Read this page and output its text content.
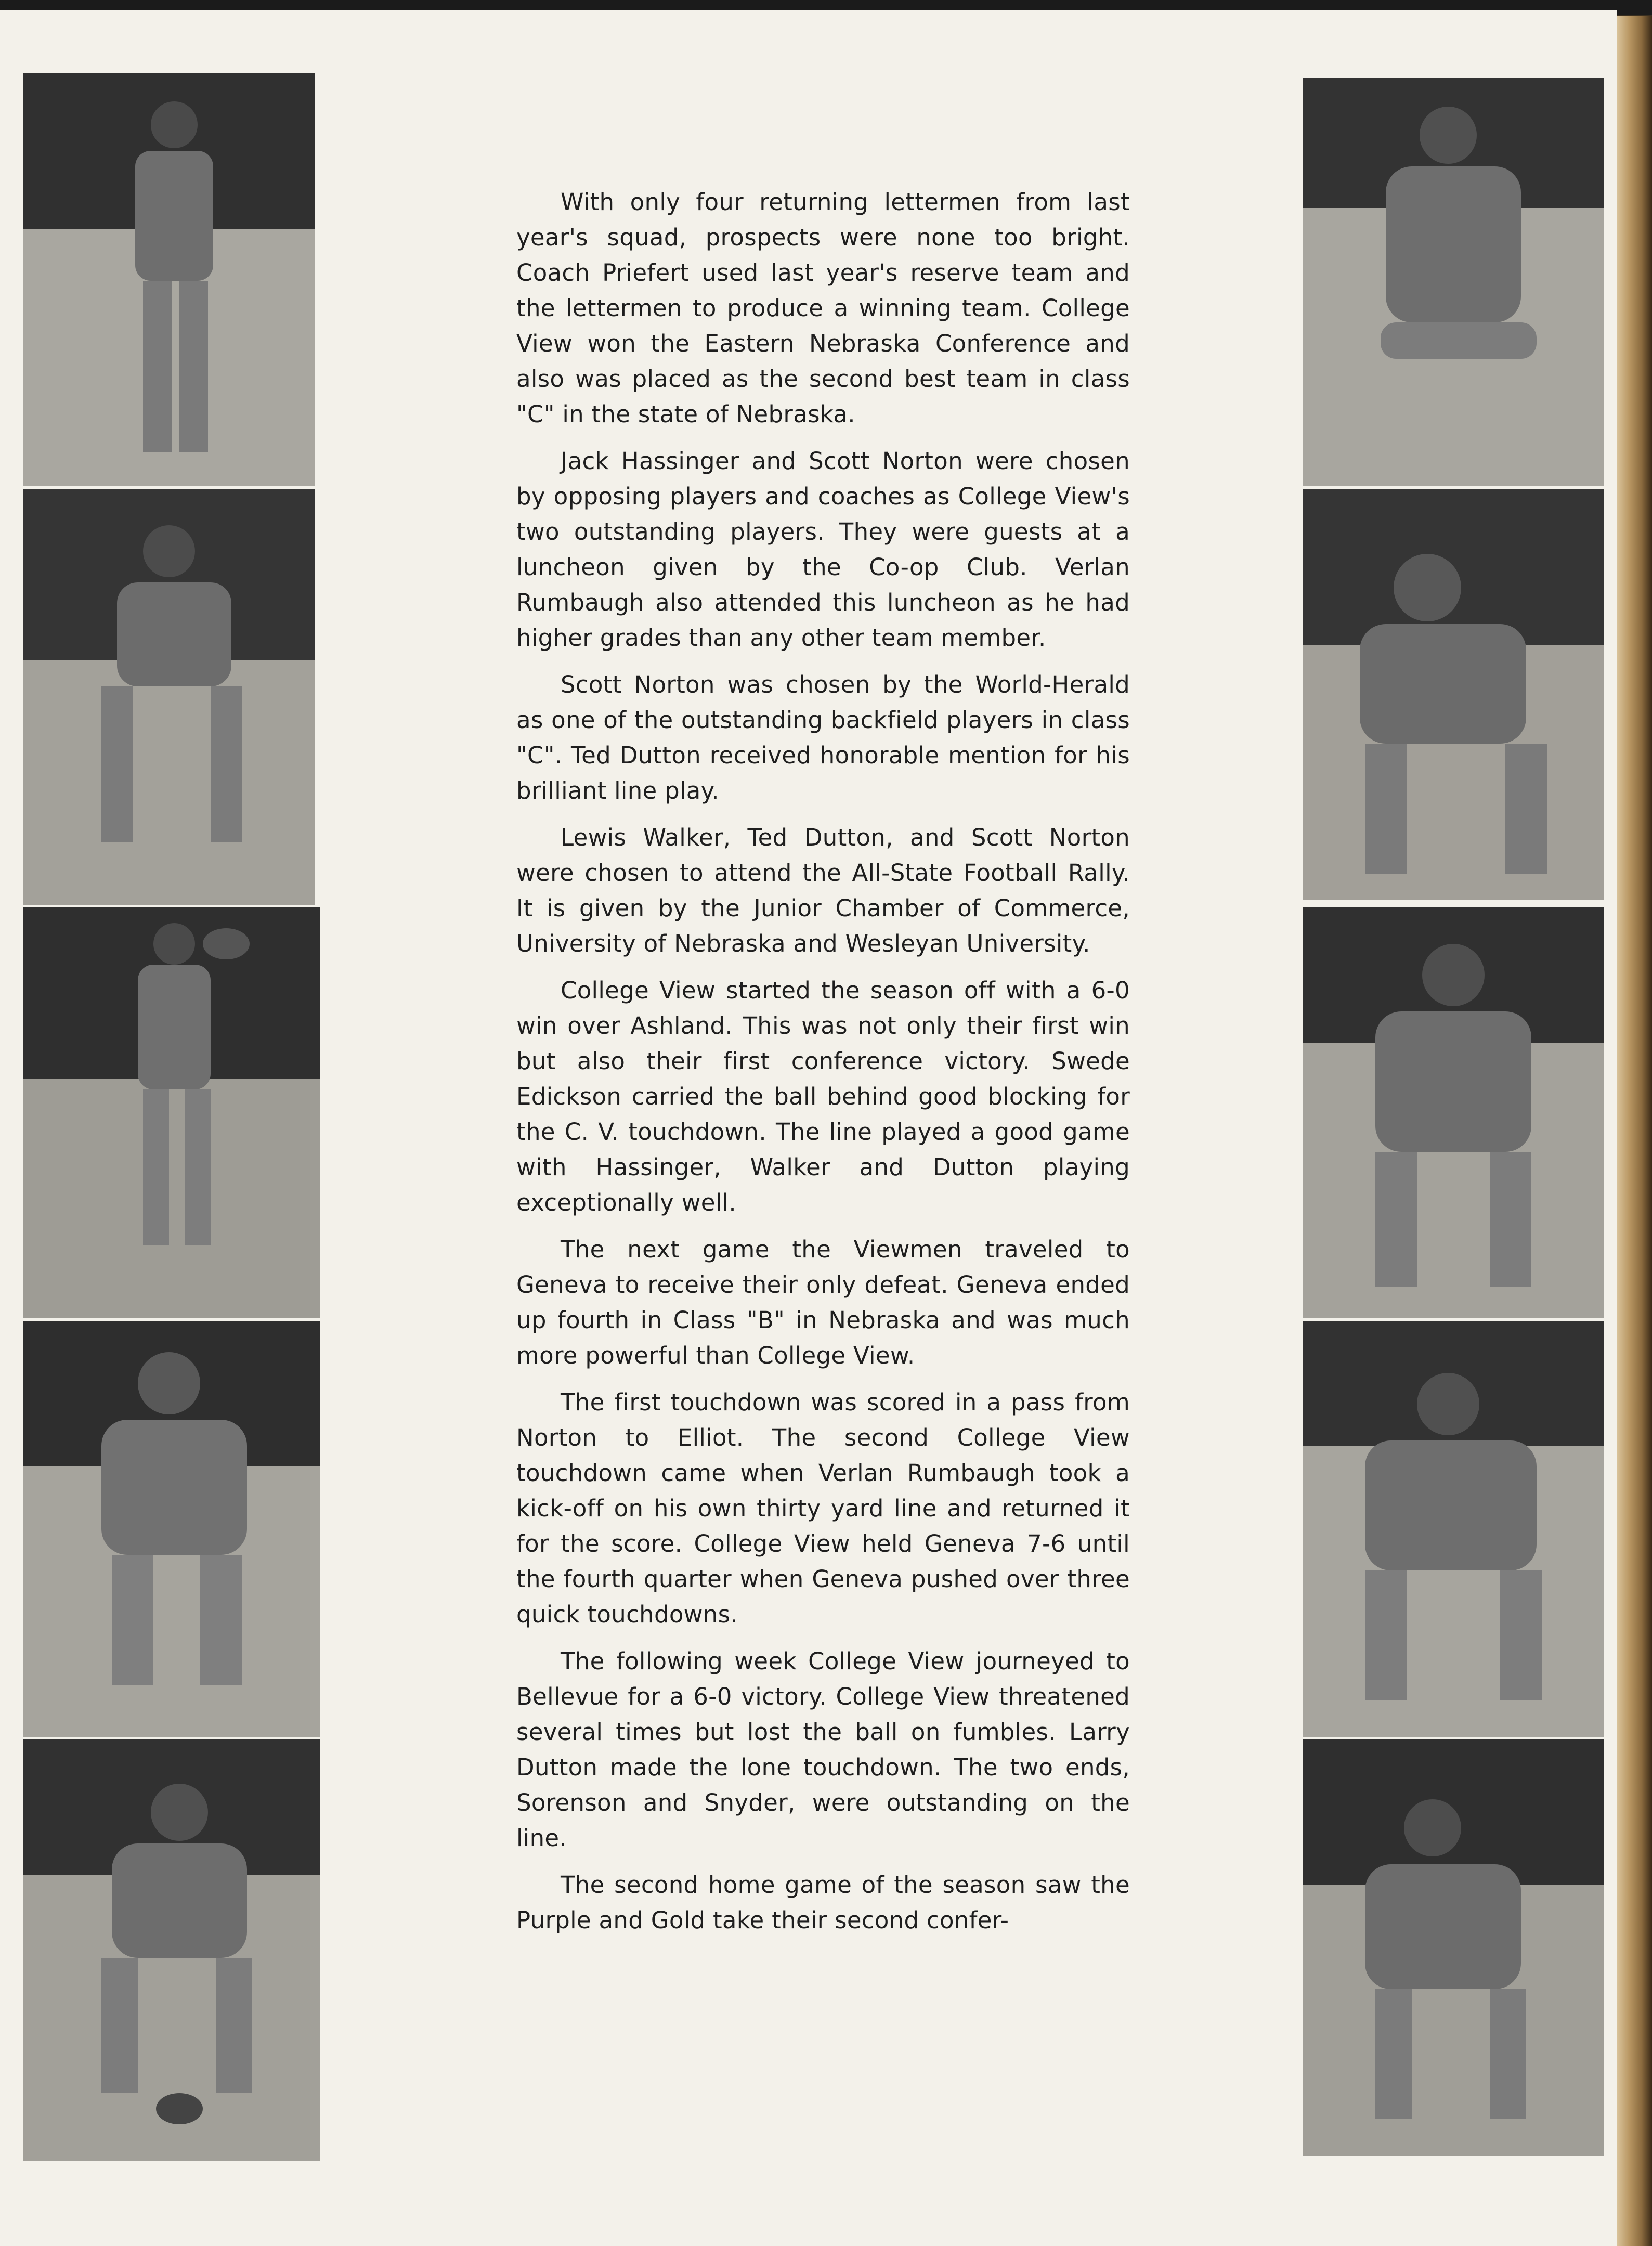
With only four returning lettermen from last year's squad, prospects were none too bright. Coach Priefert used last year's reserve team and the lettermen to produce a winning team. College View won the Eastern Nebraska Conference and also was placed as the second best team in class "C" in the state of Nebraska.

Jack Hassinger and Scott Norton were chosen by opposing players and coaches as College View's two outstanding players. They were guests at a luncheon given by the Co-op Club. Verlan Rumbaugh also attended this luncheon as he had higher grades than any other team member.

Scott Norton was chosen by the World-Herald as one of the outstanding backfield players in class "C". Ted Dutton received honorable mention for his brilliant line play.

Lewis Walker, Ted Dutton, and Scott Norton were chosen to attend the All-State Football Rally. It is given by the Junior Chamber of Commerce, University of Nebraska and Wesleyan University.

College View started the season off with a 6-0 win over Ashland. This was not only their first win but also their first conference victory. Swede Edickson carried the ball behind good blocking for the C. V. touchdown. The line played a good game with Hassinger, Walker and Dutton playing exceptionally well.

The next game the Viewmen traveled to Geneva to receive their only defeat. Geneva ended up fourth in Class "B" in Nebraska and was much more powerful than College View.

The first touchdown was scored in a pass from Norton to Elliot. The second College View touchdown came when Verlan Rumbaugh took a kick-off on his own thirty yard line and returned it for the score. College View held Geneva 7-6 until the fourth quarter when Geneva pushed over three quick touchdowns.

The following week College View journeyed to Bellevue for a 6-0 victory. College View threatened several times but lost the ball on fumbles. Larry Dutton made the lone touchdown. The two ends, Sorenson and Snyder, were outstanding on the line.

The second home game of the season saw the Purple and Gold take their second confer-
